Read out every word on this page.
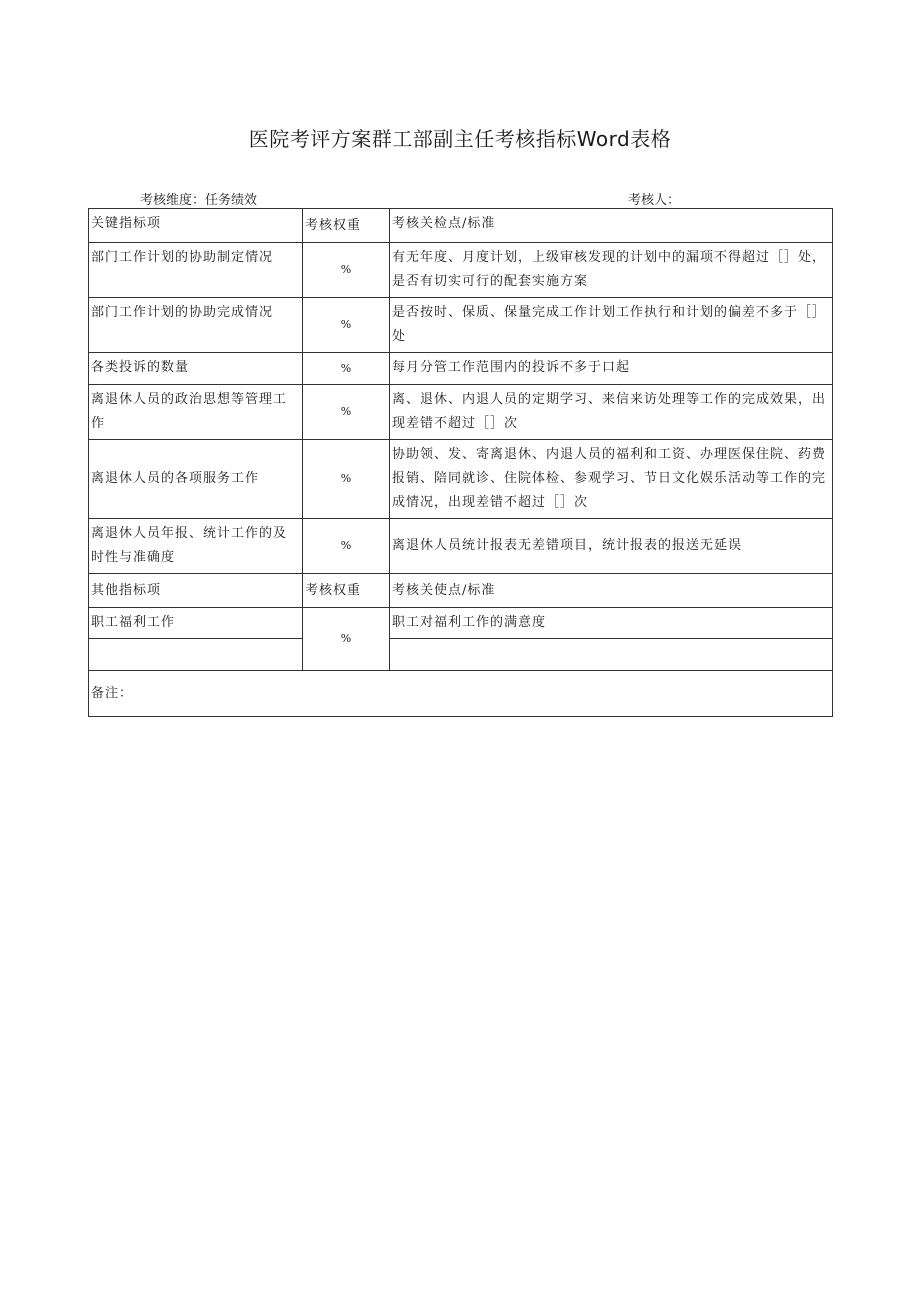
医院考评方案群工部副主任考核指标Word表格
考核维度：任务绩效	考核人：
关键指标项	考核权重	考核关检点/标准
部门工作计划的协助制定情况	%	有无年度、月度计划，上级审核发现的计划中的漏项不得超过［］处，是否有切实可行的配套实施方案
部门工作计划的协助完成情况	%	是否按时、保质、保量完成工作计划工作执行和计划的偏差不多于［］处
各类投诉的数量	%	每月分管工作范围内的投诉不多于口起
离退休人员的政治思想等管理工作	%	离、退休、内退人员的定期学习、来信来访处理等工作的完成效果，出现差错不超过［］次
离退休人员的各项服务工作	%	协助领、发、寄离退休、内退人员的福利和工资、办理医保住院、药费报销、陪同就诊、住院体检、参观学习、节日文化娱乐活动等工作的完成情况，出现差错不超过［］次
离退休人员年报、统计工作的及时性与准确度	%	离退休人员统计报表无差错项目，统计报表的报送无延误
其他指标项	考核权重	考核关使点/标准
职工福利工作	%	职工对福利工作的满意度

备注：		
